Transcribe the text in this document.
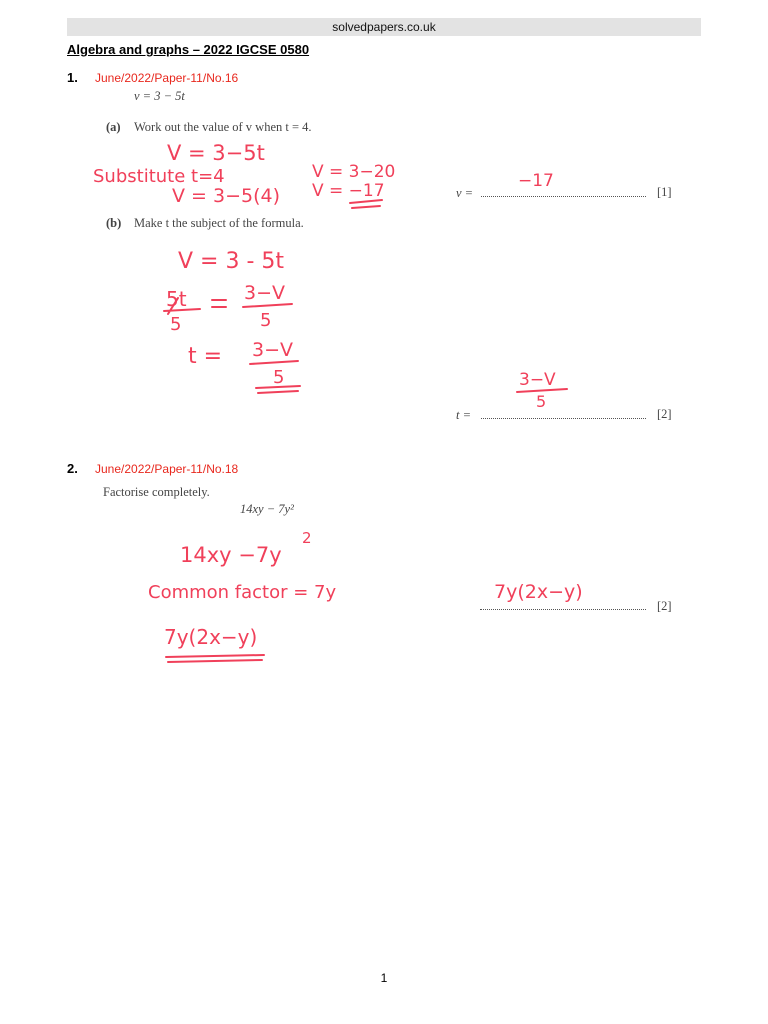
solvedpapers.co.uk
Algebra and graphs – 2022 IGCSE 0580
1. June/2022/Paper-11/No.16
v = 3 − 5t
(a) Work out the value of v when t = 4.
v =	[1]
(b) Make t the subject of the formula.
t =	[2]
2. June/2022/Paper-11/No.18
Factorise completely.
14xy − 7y²
[2]
V = 3−5t
Substitute t=4
V = 3−5(4)
V = 3−20
V = −17	−17
V = 3 - 5t
5t
5
3−V
5
t = 3−V
5	3−V
5
14xy −7y
2
Common factor = 7y
7y(2x−y)
7y(2x−y)
1
